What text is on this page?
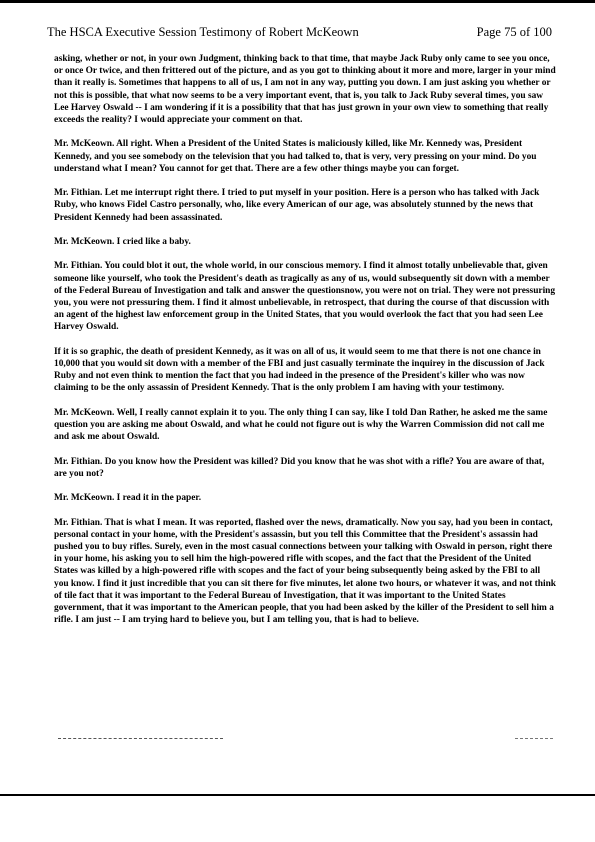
The HSCA Executive Session Testimony of Robert McKeown	Page 75 of 100

asking, whether or not, in your own Judgment, thinking back to that time, that maybe Jack Ruby only came to see you once, or once Or twice, and then frittered out of the picture, and as you got to thinking about it more and more, larger in your mind than it really is. Sometimes that happens to all of us, I am not in any way, putting you down. I am just asking you whether or not this is possible, that what now seems to be a very important event, that is, you talk to Jack Ruby several times, you saw Lee Harvey Oswald -- I am wondering if it is a possibility that that has just grown in your own view to something that really exceeds the reality? I would appreciate your comment on that.

Mr. McKeown. All right. When a President of the United States is maliciously killed, like Mr. Kennedy was, President Kennedy, and you see somebody on the television that you had talked to, that is very, very pressing on your mind. Do you understand what I mean? You cannot for get that. There are a few other things maybe you can forget.

Mr. Fithian. Let me interrupt right there. I tried to put myself in your position. Here is a person who has talked with Jack Ruby, who knows Fidel Castro personally, who, like every American of our age, was absolutely stunned by the news that President Kennedy had been assassinated.

Mr. McKeown. I cried like a baby.

Mr. Fithian. You could blot it out, the whole world, in our conscious memory. I find it almost totally unbelievable that, given someone like yourself, who took the President's death as tragically as any of us, would subsequently sit down with a member of the Federal Bureau of Investigation and talk and answer the questionsnow, you were not on trial. They were not pressuring you, you were not pressuring them. I find it almost unbelievable, in retrospect, that during the course of that discussion with an agent of the highest law enforcement group in the United States, that you would overlook the fact that you had seen Lee Harvey Oswald.

If it is so graphic, the death of president Kennedy, as it was on all of us, it would seem to me that there is not one chance in 10,000 that you would sit down with a member of the FBI and just casually terminate the inquirey in the discussion of Jack Ruby and not even think to mention the fact that you had indeed in the presence of the President's killer who was now claiming to be the only assassin of President Kennedy. That is the only problem I am having with your testimony.

Mr. McKeown. Well, I really cannot explain it to you. The only thing I can say, like I told Dan Rather, he asked me the same question you are asking me about Oswald, and what he could not figure out is why the Warren Commission did not call me and ask me about Oswald.

Mr. Fithian. Do you know how the President was killed? Did you know that he was shot with a rifle? You are aware of that, are you not?

Mr. McKeown. I read it in the paper.

Mr. Fithian. That is what I mean. It was reported, flashed over the news, dramatically. Now you say, had you been in contact, personal contact in your home, with the President's assassin, but you tell this Committee that the President's assassin had pushed you to buy rifles. Surely, even in the most casual connections between your talking with Oswald in person, right there in your home, his asking you to sell him the high-powered rifle with scopes, and the fact that the President of the United States was killed by a high-powered rifle with scopes and the fact of your being subsequently being asked by the FBI to all you know. I find it just incredible that you can sit there for five minutes, let alone two hours, or whatever it was, and not think of tile fact that it was important to the Federal Bureau of Investigation, that it was important to the United States government, that it was important to the American people, that you had been asked by the killer of the President to sell him a rifle. I am just -- I am trying hard to believe you, but I am telling you, that is had to believe.
